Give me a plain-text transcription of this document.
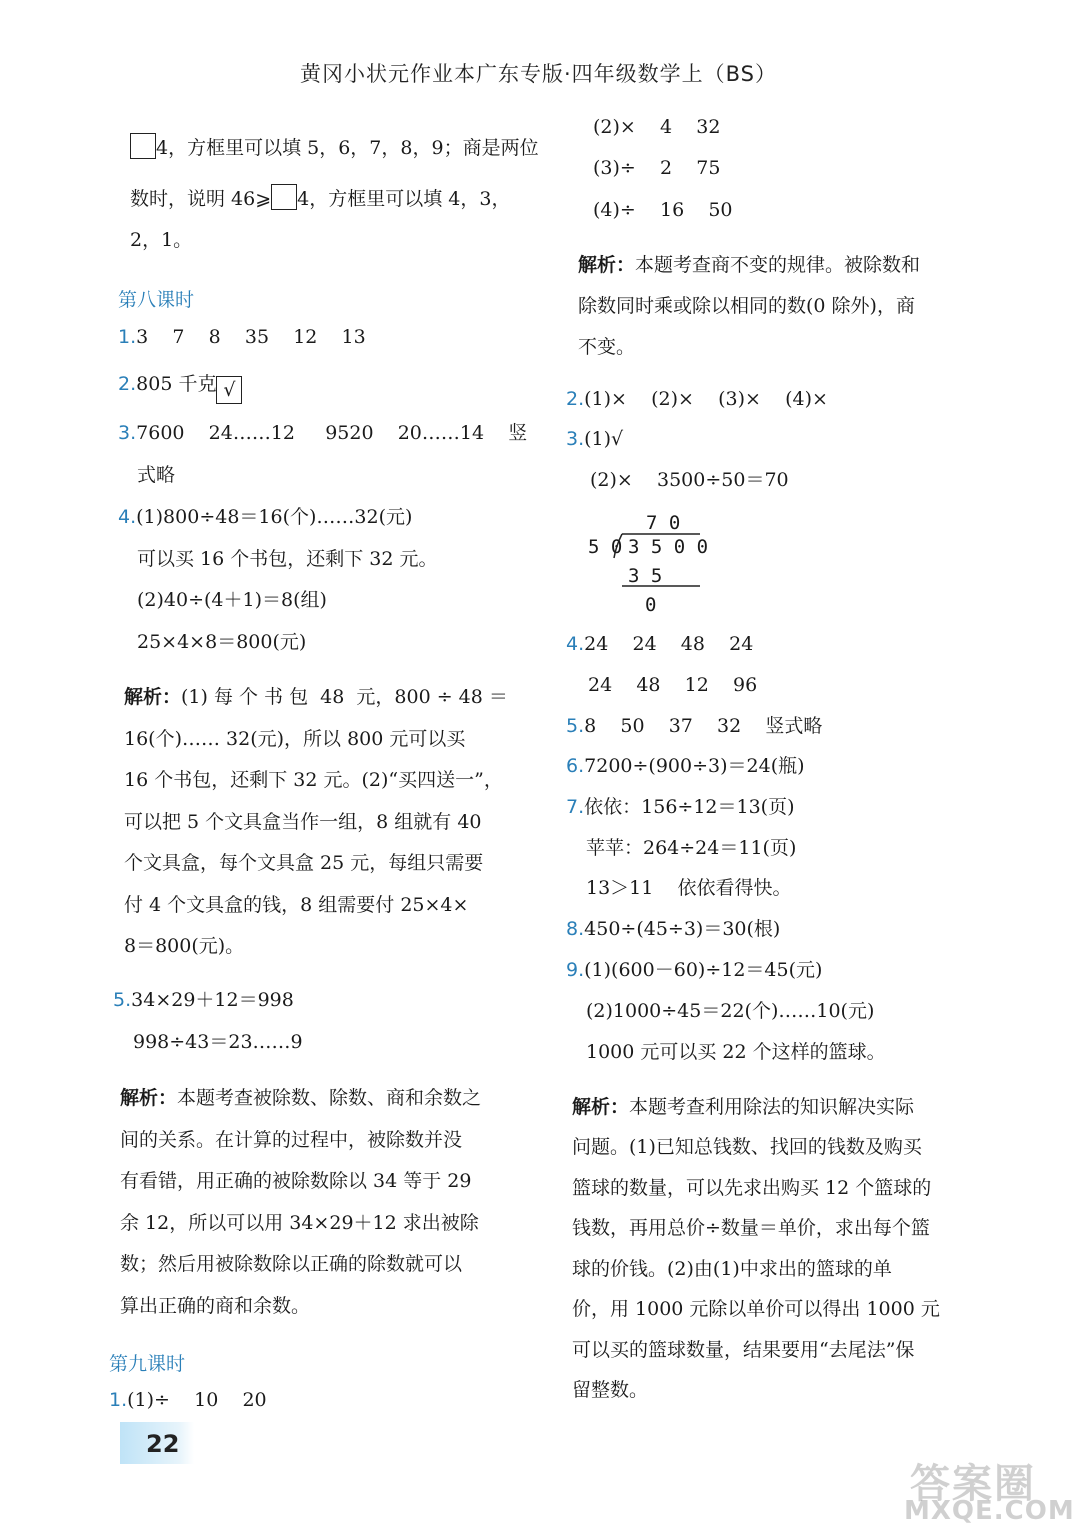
黄冈小状元作业本广东专版·四年级数学上（BS）
4，方框里可以填 5，6，7，8，9；商是两位
数时，说明 46⩾ 4，方框里可以填 4，3，
2，1。
第八课时
1.3    7    8    35    12    13
2.805 千克 √
3.7600    24……12     9520    20……14    竖
式略
4.(1)800÷48＝16(个)……32(元)
可以买 16 个书包，还剩下 32 元。
(2)40÷(4＋1)＝8(组)
25×4×8＝800(元)
解析：(1) 每 个 书 包  48  元，800 ÷ 48 ＝
16(个)…… 32(元)，所以 800 元可以买
16 个书包，还剩下 32 元。(2)“买四送一”，
可以把 5 个文具盒当作一组，8 组就有 40
个文具盒，每个文具盒 25 元，每组只需要
付 4 个文具盒的钱，8 组需要付 25×4×
8＝800(元)。
5.34×29＋12＝998
998÷43＝23……9
解析：本题考查被除数、除数、商和余数之
间的关系。在计算的过程中，被除数并没
有看错，用正确的被除数除以 34 等于 29
余 12，所以可以用 34×29＋12 求出被除
数；然后用被除数除以正确的除数就可以
算出正确的商和余数。
第九课时
1.(1)÷    10    20
22
(2)×    4    32
(3)÷    2    75
(4)÷    16    50
解析：本题考查商不变的规律。被除数和
除数同时乘或除以相同的数(0 除外)，商
不变。
2.(1)×    (2)×    (3)×    (4)×
3.(1)√
(2)×    3500÷50＝70
7 0
5 0 3 5 0 0
3 5
0
4.24    24    48    24
24    48    12    96
5.8    50    37    32    竖式略
6.7200÷(900÷3)＝24(瓶)
7.依依：156÷12＝13(页)
苹苹：264÷24＝11(页)
13＞11    依依看得快。
8.450÷(45÷3)＝30(根)
9.(1)(600－60)÷12＝45(元)
(2)1000÷45＝22(个)……10(元)
1000 元可以买 22 个这样的篮球。
解析：本题考查利用除法的知识解决实际
问题。(1)已知总钱数、找回的钱数及购买
篮球的数量，可以先求出购买 12 个篮球的
钱数，再用总价÷数量＝单价，求出每个篮
球的价钱。(2)由(1)中求出的篮球的单
价，用 1000 元除以单价可以得出 1000 元
可以买的篮球数量，结果要用“去尾法”保
留整数。
答案圈
MXQE.COM
